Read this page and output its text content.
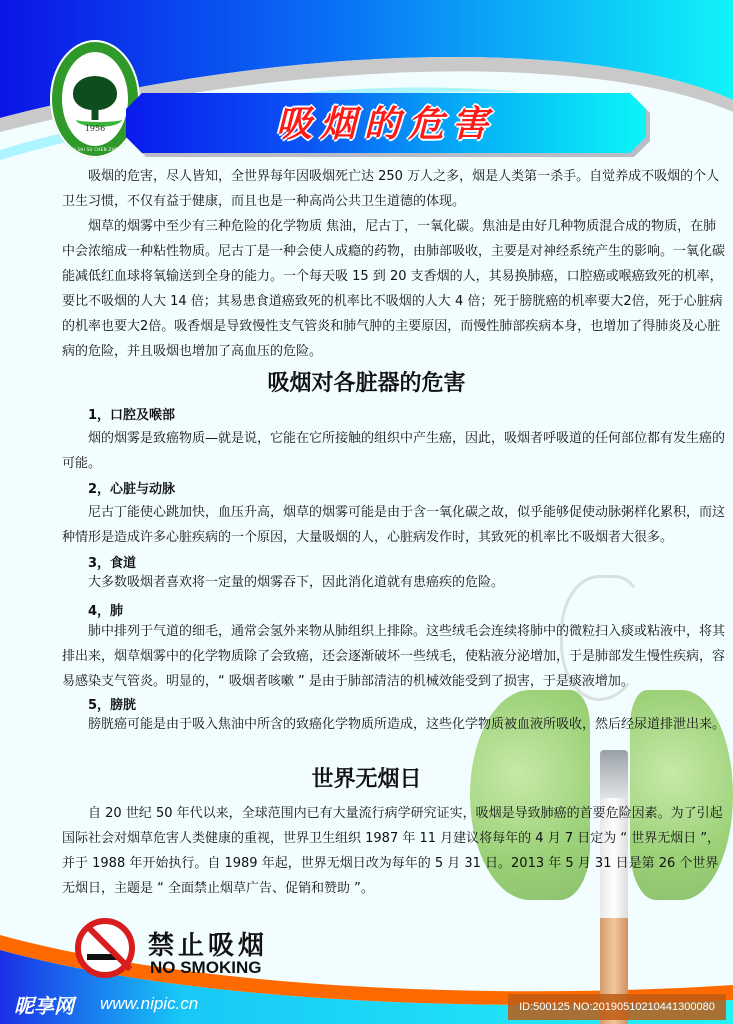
1956
TAI ZHOU SHI SU CHEN ZHONG XUE
吸烟的危害

吸烟的危害，尽人皆知，全世界每年因吸烟死亡达 250 万人之多，烟是人类第一杀手。自觉养成不吸烟的个人卫生习惯，不仅有益于健康，而且也是一种高尚公共卫生道德的体现。

烟草的烟雾中至少有三种危险的化学物质 焦油，尼古丁，一氧化碳。焦油是由好几种物质混合成的物质，在肺中会浓缩成一种粘性物质。尼古丁是一种会使人成瘾的药物，由肺部吸收，主要是对神经系统产生的影响。一氧化碳能减低红血球将氧输送到全身的能力。一个每天吸 15 到 20 支香烟的人，其易换肺癌，口腔癌或喉癌致死的机率，要比不吸烟的人大 14 倍；其易患食道癌致死的机率比不吸烟的人大 4 倍；死于膀胱癌的机率要大2倍，死于心脏病的机率也要大2倍。吸香烟是导致慢性支气管炎和肺气肿的主要原因，而慢性肺部疾病本身，也增加了得肺炎及心脏病的危险，并且吸烟也增加了高血压的危险。

吸烟对各脏器的危害
1，口腔及喉部

烟的烟雾是致癌物质—就是说，它能在它所接触的组织中产生癌，因此，吸烟者呼吸道的任何部位都有发生癌的可能。

2，心脏与动脉

尼古丁能使心跳加快，血压升高，烟草的烟雾可能是由于含一氧化碳之故，似乎能够促使动脉粥样化累积，而这种情形是造成许多心脏疾病的一个原因，大量吸烟的人，心脏病发作时，其致死的机率比不吸烟者大很多。

3，食道

大多数吸烟者喜欢将一定量的烟雾吞下，因此消化道就有患癌疾的危险。

4，肺

肺中排列于气道的细毛，通常会氢外来物从肺组织上排除。这些绒毛会连续将肺中的微粒扫入痰或粘液中，将其排出来，烟草烟雾中的化学物质除了会致癌，还会逐渐破坏一些绒毛，使粘液分泌增加，于是肺部发生慢性疾病，容易感染支气管炎。明显的，“ 吸烟者咳嗽 ” 是由于肺部清洁的机械效能受到了损害，于是痰液增加。

5，膀胱

膀胱癌可能是由于吸入焦油中所含的致癌化学物质所造成，这些化学物质被血液所吸收，然后经尿道排泄出来。

世界无烟日

自 20 世纪 50 年代以来，全球范围内已有大量流行病学研究证实，吸烟是导致肺癌的首要危险因素。为了引起国际社会对烟草危害人类健康的重视，世界卫生组织 1987 年 11 月建议将每年的 4 月 7 日定为 “ 世界无烟日 ”，并于 1988 年开始执行。自 1989 年起，世界无烟日改为每年的 5 月 31 日。2013 年 5 月 31 日是第 26 个世界无烟日，主题是 “ 全面禁止烟草广告、促销和赞助 ”。

禁止吸烟
NO SMOKING
昵享网 www.nipic.cn	ID:500125 NO:20190510210441300080
